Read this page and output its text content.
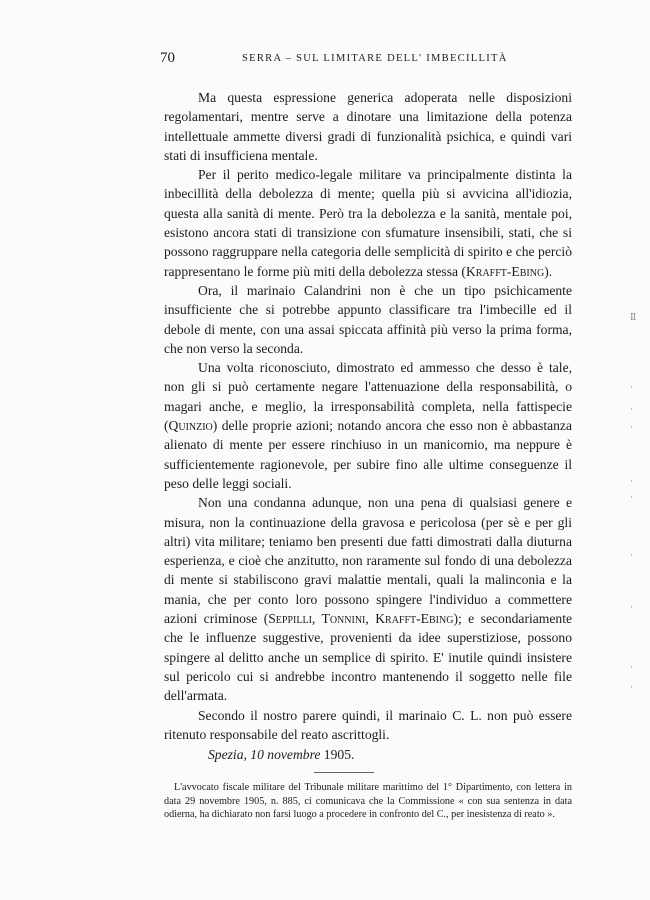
70	SERRA – SUL LIMITARE DELL' IMBECILLITÀ

Ma questa espressione generica adoperata nelle disposizioni regolamentari, mentre serve a dinotare una limitazione della potenza intellettuale ammette diversi gradi di funzionalità psichica, e quindi vari stati di insufficiena mentale.

Per il perito medico-legale militare va principalmente distinta la inbecillità della debolezza di mente; quella più si avvicina all'idiozia, questa alla sanità di mente. Però tra la debolezza e la sanità, mentale poi, esistono ancora stati di transizione con sfumature insensibili, stati, che si possono raggruppare nella categoria delle semplicità di spirito e che perciò rappresentano le forme più miti della debolezza stessa (Krafft-Ebing).

Ora, il marinaio Calandrini non è che un tipo psichicamente insufficiente che si potrebbe appunto classificare tra l'imbecille ed il debole di mente, con una assai spiccata affinità più verso la prima forma, che non verso la seconda.

Una volta riconosciuto, dimostrato ed ammesso che desso è tale, non gli si può certamente negare l'attenuazione della responsabilità, o magari anche, e meglio, la irresponsabilità completa, nella fattispecie (Quinzio) delle proprie azioni; notando ancora che esso non è abbastanza alienato di mente per essere rinchiuso in un manicomio, ma neppure è sufficientemente ragionevole, per subire fino alle ultime conseguenze il peso delle leggi sociali.

Non una condanna adunque, non una pena di qualsiasi genere e misura, non la continuazione della gravosa e pericolosa (per sè e per gli altri) vita militare; teniamo ben presenti due fatti dimostrati dalla diuturna esperienza, e cioè che anzitutto, non raramente sul fondo di una debolezza di mente si stabiliscono gravi malattie mentali, quali la malinconia e la mania, che per conto loro possono spingere l'individuo a commettere azioni criminose (Seppilli, Tonnini, Krafft-Ebing); e secondariamente che le influenze suggestive, provenienti da idee superstiziose, possono spingere al delitto anche un semplice di spirito. E' inutile quindi insistere sul pericolo cui si andrebbe incontro mantenendo il soggetto nelle file dell'armata.

Secondo il nostro parere quindi, il marinaio C. L. non può essere ritenuto responsabile del reato ascrittogli.

Spezia, 10 novembre 1905.

L'avvocato fiscale militare del Tribunale militare marittimo del 1° Dipartimento, con lettera in data 29 novembre 1905, n. 885, ci comunicava che la Commissione « con sua sentenza in data odierna, ha dichiarato non farsi luogo a procedere in confronto del C., per inesistenza di reato ».

Ⅱ
·
·
·
·
·
·
·
·
·
